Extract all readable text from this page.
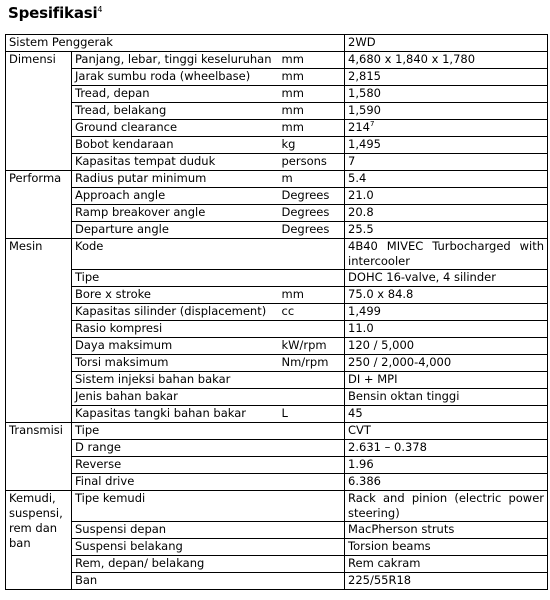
Spesifikasi$^4$
Sistem Penggerak			2WD
Dimensi	Panjang, lebar, tinggi keseluruhan	mm	4,680 x 1,840 x 1,780
	Jarak sumbu roda (wheelbase)	mm	2,815
	Tread, depan	mm	1,580
	Tread, belakang	mm	1,590
	Ground clearance	mm	214$^7$
	Bobot kendaraan	kg	1,495
	Kapasitas tempat duduk	persons	7
Performa	Radius putar minimum	m	5.4
	Approach angle	Degrees	21.0
	Ramp breakover angle	Degrees	20.8
	Departure angle	Degrees	25.5
Mesin	Kode		4B40 MIVEC Turbocharged with intercooler
	Tipe		DOHC 16-valve, 4 silinder
	Bore x stroke	mm	75.0 x 84.8
	Kapasitas silinder (displacement)	cc	1,499
	Rasio kompresi		11.0
	Daya maksimum	kW/rpm	120 / 5,000
	Torsi maksimum	Nm/rpm	250 / 2,000-4,000
	Sistem injeksi bahan bakar		DI + MPI
	Jenis bahan bakar		Bensin oktan tinggi
	Kapasitas tangki bahan bakar	L	45
Transmisi	Tipe		CVT
	D range		2.631 – 0.378
	Reverse		1.96
	Final drive		6.386
Kemudi, suspensi, rem dan ban	Tipe kemudi		Rack and pinion (electric power steering)
	Suspensi depan		MacPherson struts
	Suspensi belakang		Torsion beams
	Rem, depan/ belakang		Rem cakram
	Ban		225/55R18
